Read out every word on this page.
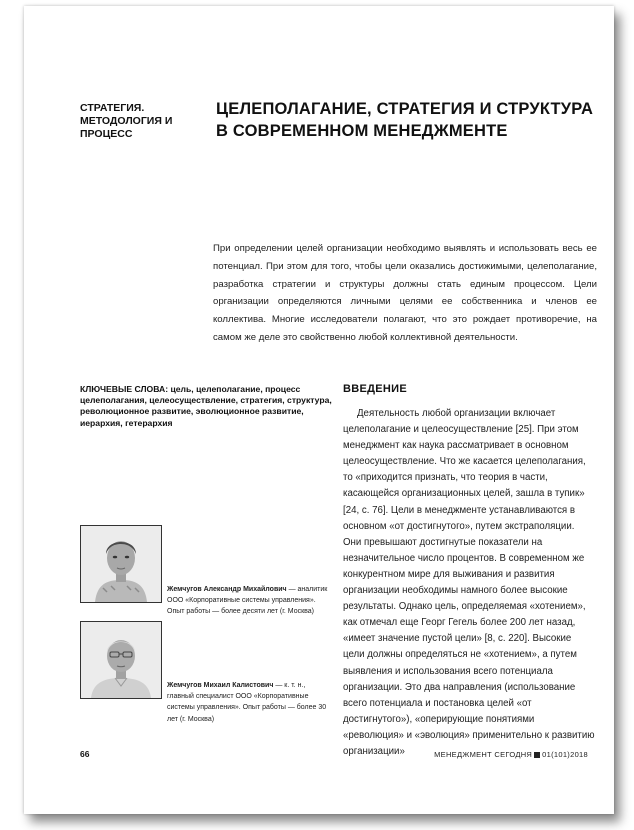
СТРАТЕГИЯ. МЕТОДОЛОГИЯ И ПРОЦЕСС
ЦЕЛЕПОЛАГАНИЕ, СТРАТЕГИЯ И СТРУКТУРА В СОВРЕМЕННОМ МЕНЕДЖМЕНТЕ

При определении целей организации необходимо выявлять и использовать весь ее потенциал. При этом для того, чтобы цели оказались достижимыми, целеполагание, разработка стратегии и структуры должны стать единым процессом. Цели организации определяются личными целями ее собственника и членов ее коллектива. Многие исследователи полагают, что это рождает противоречие, на самом же деле это свойственно любой коллективной деятельности.

КЛЮЧЕВЫЕ СЛОВА: цель, целеполагание, процесс целеполагания, целеосуществление, стратегия, структура, революционное развитие, эволюционное развитие, иерархия, гетерархия
Жемчугов Александр Михайлович — аналитик ООО «Корпоративные системы управления». Опыт работы — более десяти лет (г. Москва)
Жемчугов Михаил Калистович — к. т. н., главный специалист ООО «Корпоративные системы управления». Опыт работы — более 30 лет (г. Москва)
ВВЕДЕНИЕ

Деятельность любой организации включает целеполагание и целеосуществление [25]. При этом менеджмент как наука рассматривает в основном целеосуществление. Что же касается целеполагания, то «приходится признать, что теория в части, касающейся организационных целей, зашла в тупик» [24, с. 76]. Цели в менеджменте устанавливаются в основном «от достигнутого», путем экстраполяции. Они превышают достигнутые показатели на незначительное число процентов. В современном же конкурентном мире для выживания и развития организации необходимы намного более высокие результаты. Однако цель, определяемая «хотением», как отмечал еще Георг Гегель более 200 лет назад, «имеет значение пустой цели» [8, с. 220]. Высокие цели должны определяться не «хотением», а путем выявления и использования всего потенциала организации. Это два направления (использование всего потенциала и постановка целей «от достигнутого»), «оперирующие понятиями «революция» и «эволюция» применительно к развитию организации»

66	МЕНЕДЖМЕНТ СЕГОДНЯ 01(101)2018
